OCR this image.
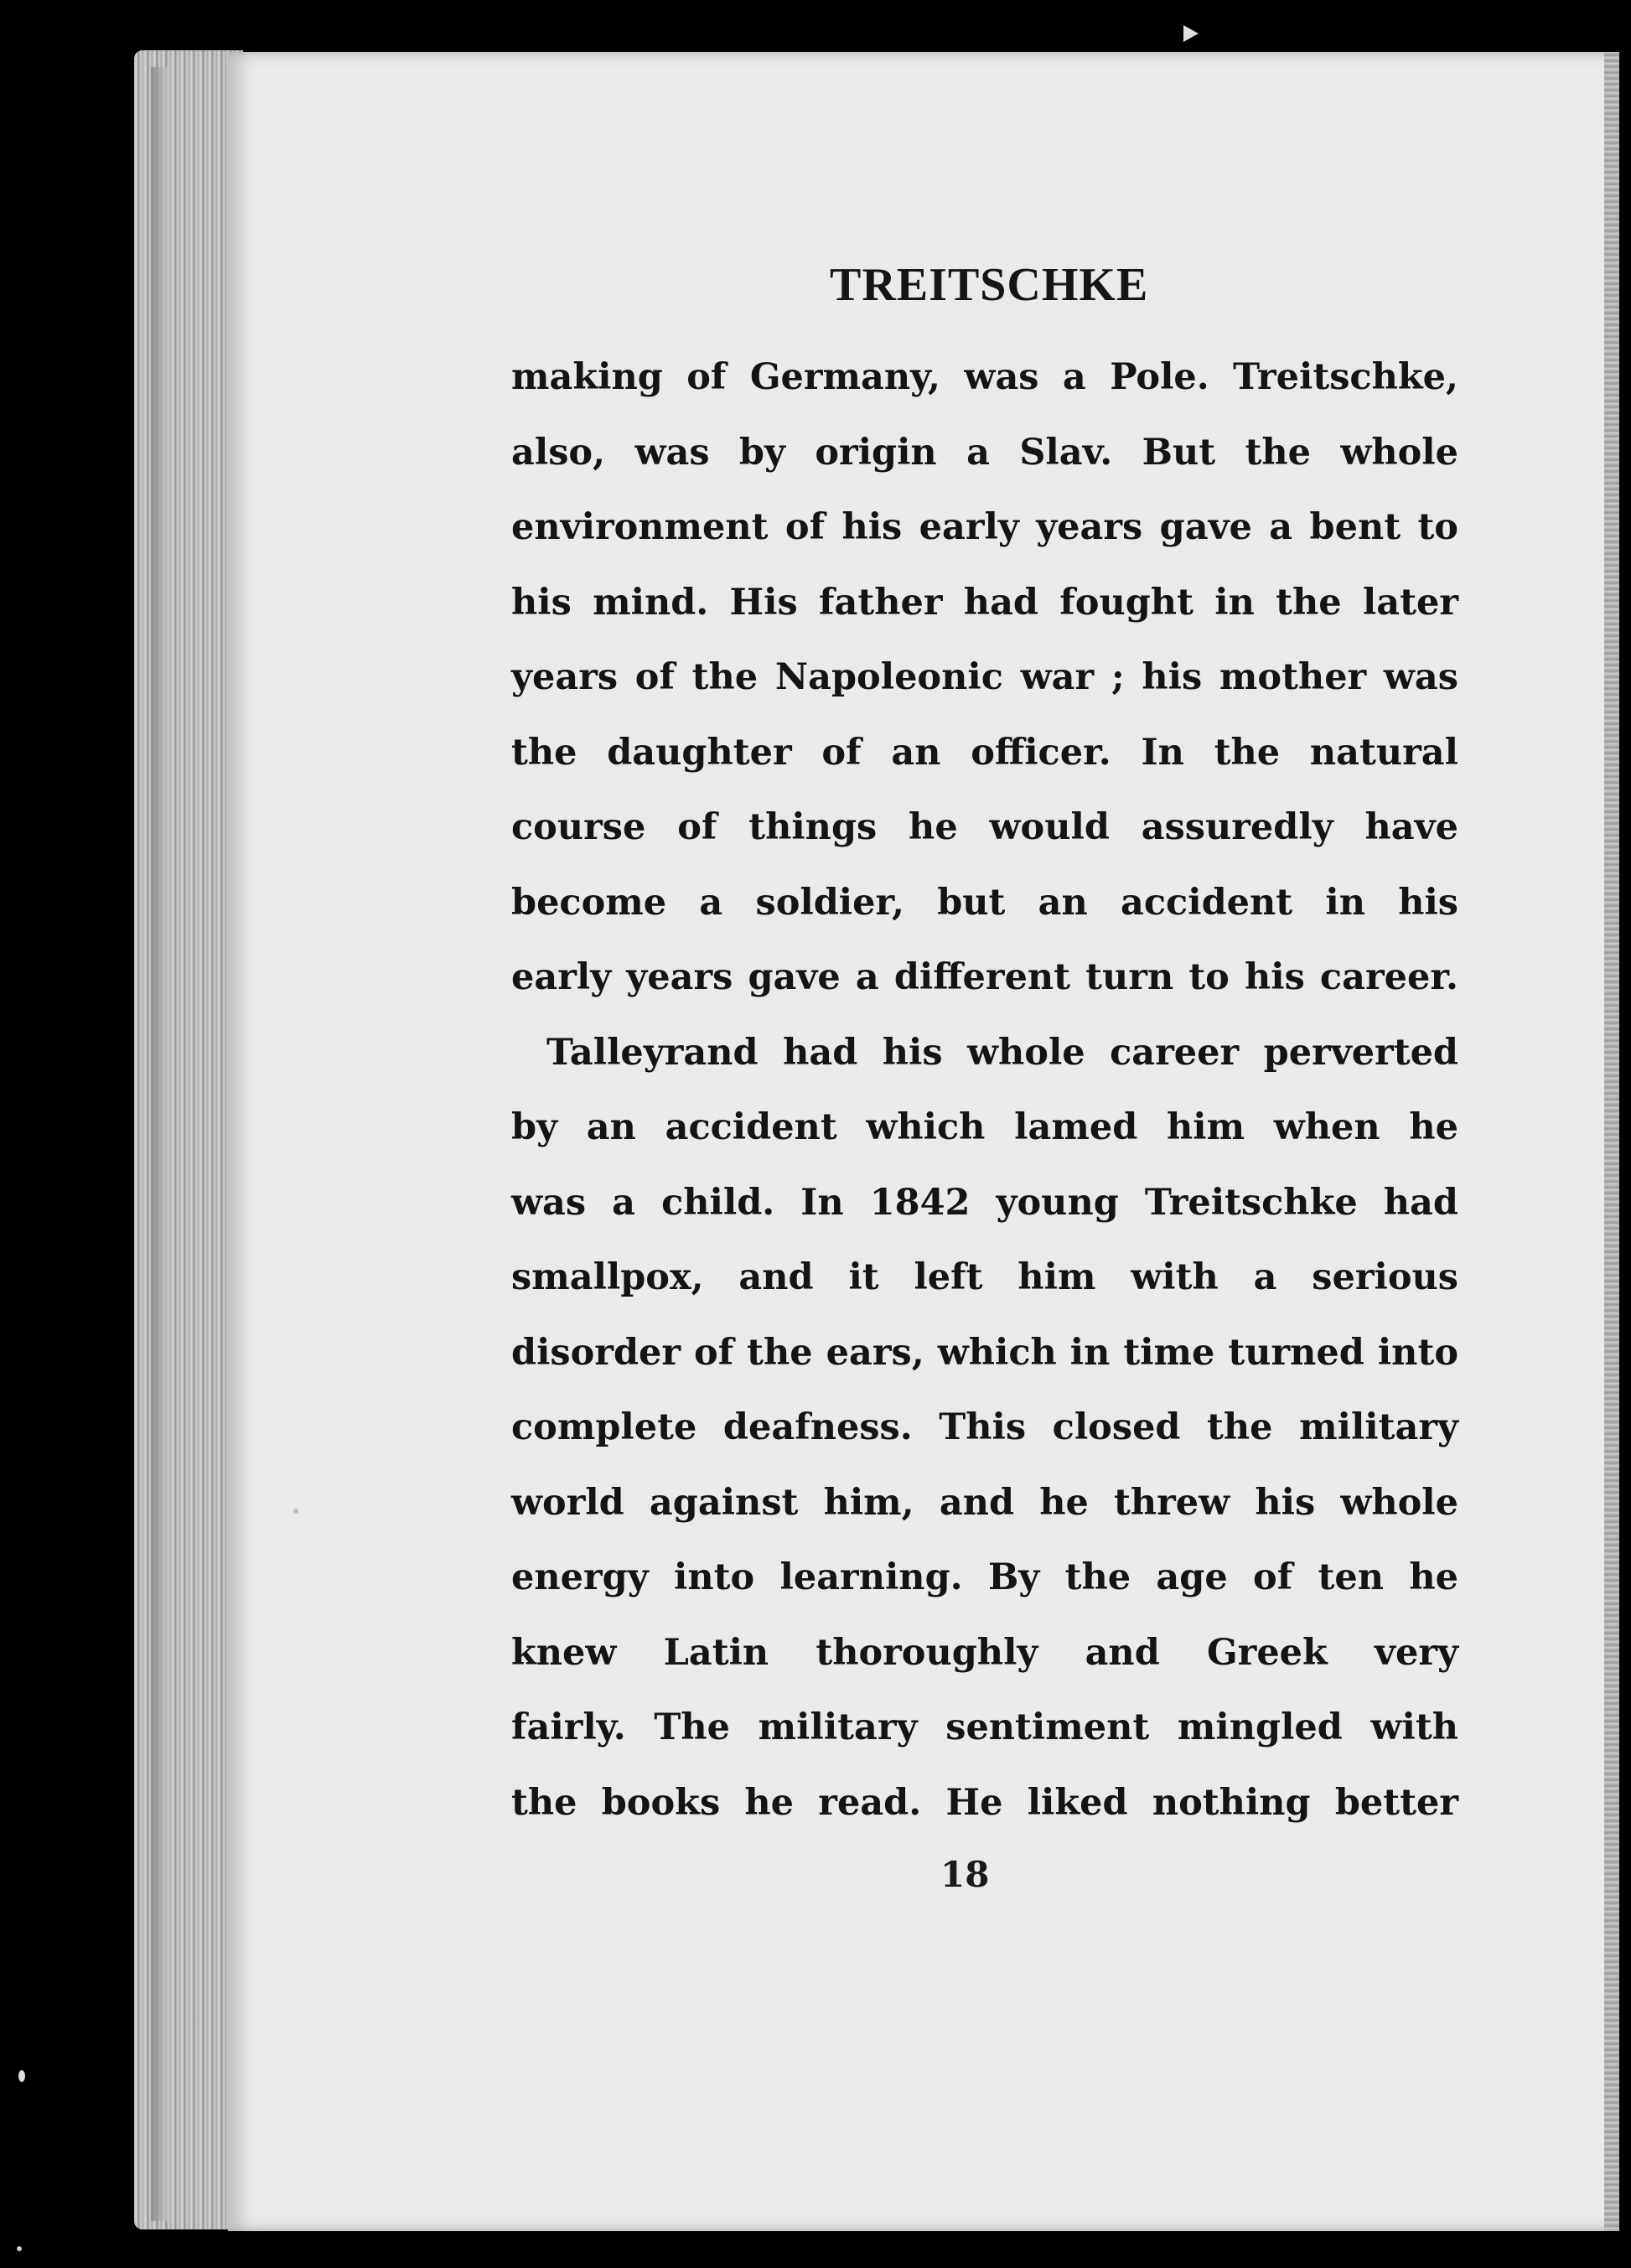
TREITSCHKE
making of Germany, was a Pole. Treitschke,
also, was by origin a Slav. But the whole
environment of his early years gave a bent to
his mind. His father had fought in the later
years of the Napoleonic war ; his mother was
the daughter of an officer. In the natural
course of things he would assuredly have
become a soldier, but an accident in his
early years gave a different turn to his career.
Talleyrand had his whole career perverted
by an accident which lamed him when he
was a child. In 1842 young Treitschke had
smallpox, and it left him with a serious
disorder of the ears, which in time turned into
complete deafness. This closed the military
world against him, and he threw his whole
energy into learning. By the age of ten he
knew Latin thoroughly and Greek very
fairly. The military sentiment mingled with
the books he read. He liked nothing better
18
